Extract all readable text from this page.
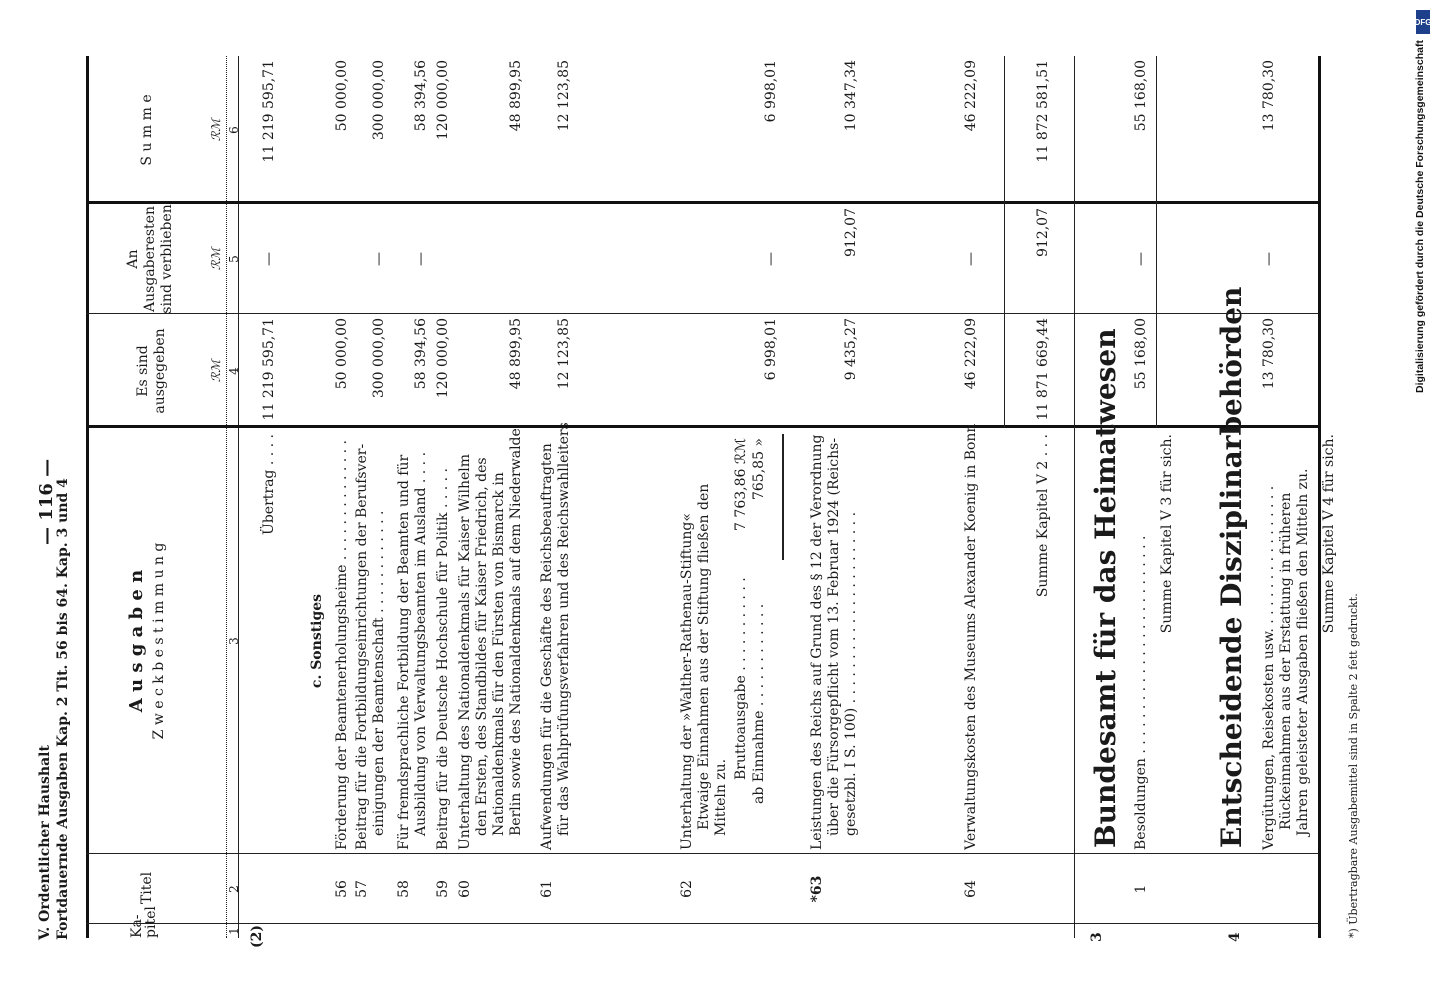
V. Ordentlicher Haushalt Fortdauernde Ausgaben Kap. 2 Tit. 56 bis 64. Kap. 3 und 4
— 116 —
Ka-
pitel
Titel
A u s g a b e n Z w e c k b e s t i m m u n g
Es sind
ausgegeben
An
Ausgaberesten
sind verblieben
S u m m e
ℛℳ
ℛℳ
ℛℳ
1
2
3
4
5
6
(2)
Übertrag . . . .
11 219 595,71
—
11 219 595,71
c. Sonstiges
56
Förderung der Beamtenerholungsheime . . . . . . . . . . . . . .
50 000,00
50 000,00
57
Beitrag für die Fortbildungseinrichtungen der Berufsver- einigungen der Beamtenschaft . . . . . . . . . . . .
300 000,00
—
300 000,00
58
Für fremdsprachliche Fortbildung der Beamten und für Ausbildung von Verwaltungsbeamten im Ausland . . . .
58 394,56
—
58 394,56
59
Beitrag für die Deutsche Hochschule für Politik . . . . .
120 000,00
120 000,00
60
Unterhaltung des Nationaldenkmals für Kaiser Wilhelm den Ersten, des Standbildes für Kaiser Friedrich, des Nationaldenkmals für den Fürsten von Bismarck in Berlin sowie des Nationaldenkmals auf dem Niederwalde
48 899,95
48 899,95
61
Aufwendungen für die Geschäfte des Reichsbeauftragten für das Wahlprüfungsverfahren und des Reichswahlleiters
12 123,85
12 123,85
62
Unterhaltung der »Walther-Rathenau-Stiftung« Etwaige Einnahmen aus der Stiftung fließen den Mitteln zu.
Bruttoausgabe . . . . . . . . . . .
7 763,86 ℛℳ
ab Einnahme . . . . . . . . . . . .
765,85 »
6 998,01
—
6 998,01
*63
Leistungen des Reichs auf Grund des § 12 der Verordnung über die Fürsorgepflicht vom 13. Februar 1924 (Reichs- gesetzbl. I S. 100) . . . . . . . . . . . . . . . . . . . . . .
9 435,27
912,07
10 347,34
64
Verwaltungskosten des Museums Alexander Koenig in Bonn
46 222,09
—
46 222,09
Summe Kapitel V 2 . . .
11 871 669,44
912,07
11 872 581,51
3
Bundesamt für das Heimatwesen
1
Besoldungen . . . . . . . . . . . . . . . . . . . . . . . . .
55 168,00
—
55 168,00
Summe Kapitel V 3 für sich.
4
Entscheidende Disziplinarbehörden Vergütungen, Reisekosten usw. . . . . . . . . . . . . . . . . Rückeinnahmen aus der Erstattung in früheren Jahren geleisteter Ausgaben fließen den Mitteln zu.
13 780,30
—
13 780,30
Summe Kapitel V 4 für sich.
*) Übertragbare Ausgabemittel sind in Spalte 2 fett gedruckt.
DFG
Digitalisierung gefördert durch die Deutsche Forschungsgemeinschaft
